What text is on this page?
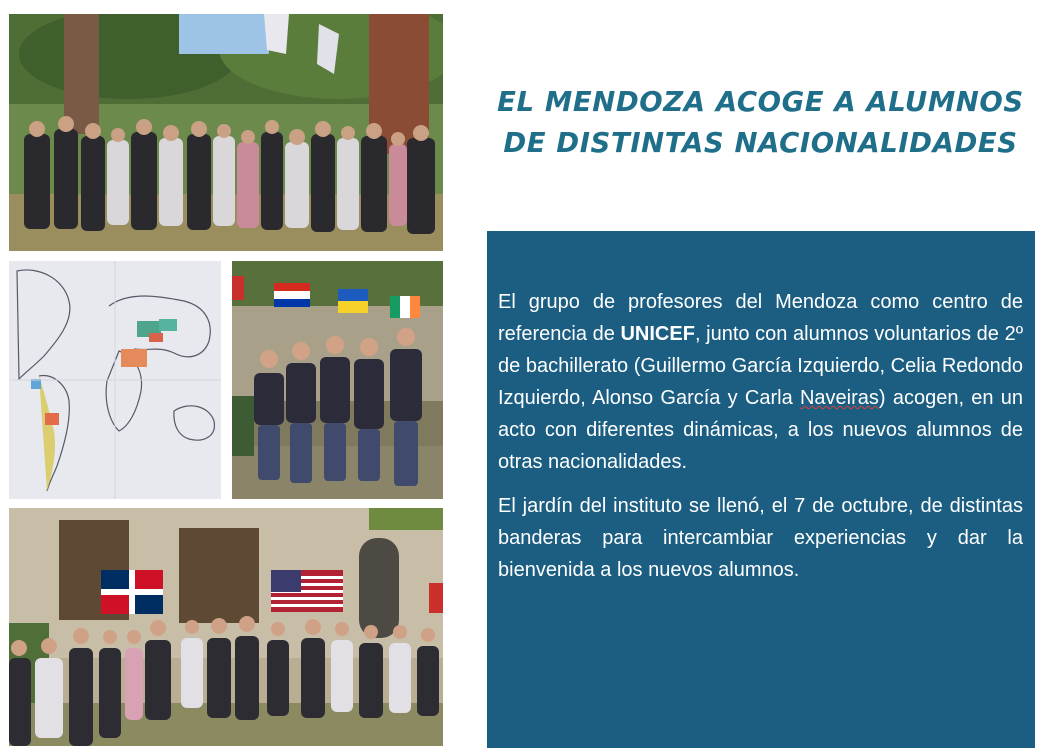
EL MENDOZA ACOGE A ALUMNOS
DE DISTINTAS NACIONALIDADES

El grupo de profesores del Mendoza como centro de referencia de UNICEF, junto con alumnos voluntarios de 2º de bachillerato (Guillermo García Izquierdo, Celia Redondo Izquierdo, Alonso García y Carla Naveiras) acogen, en un acto con diferentes dinámicas, a los nuevos alumnos de otras nacionalidades.

El jardín del instituto se llenó, el 7 de octubre, de distintas banderas para intercambiar experiencias y dar la bienvenida a los nuevos alumnos.
